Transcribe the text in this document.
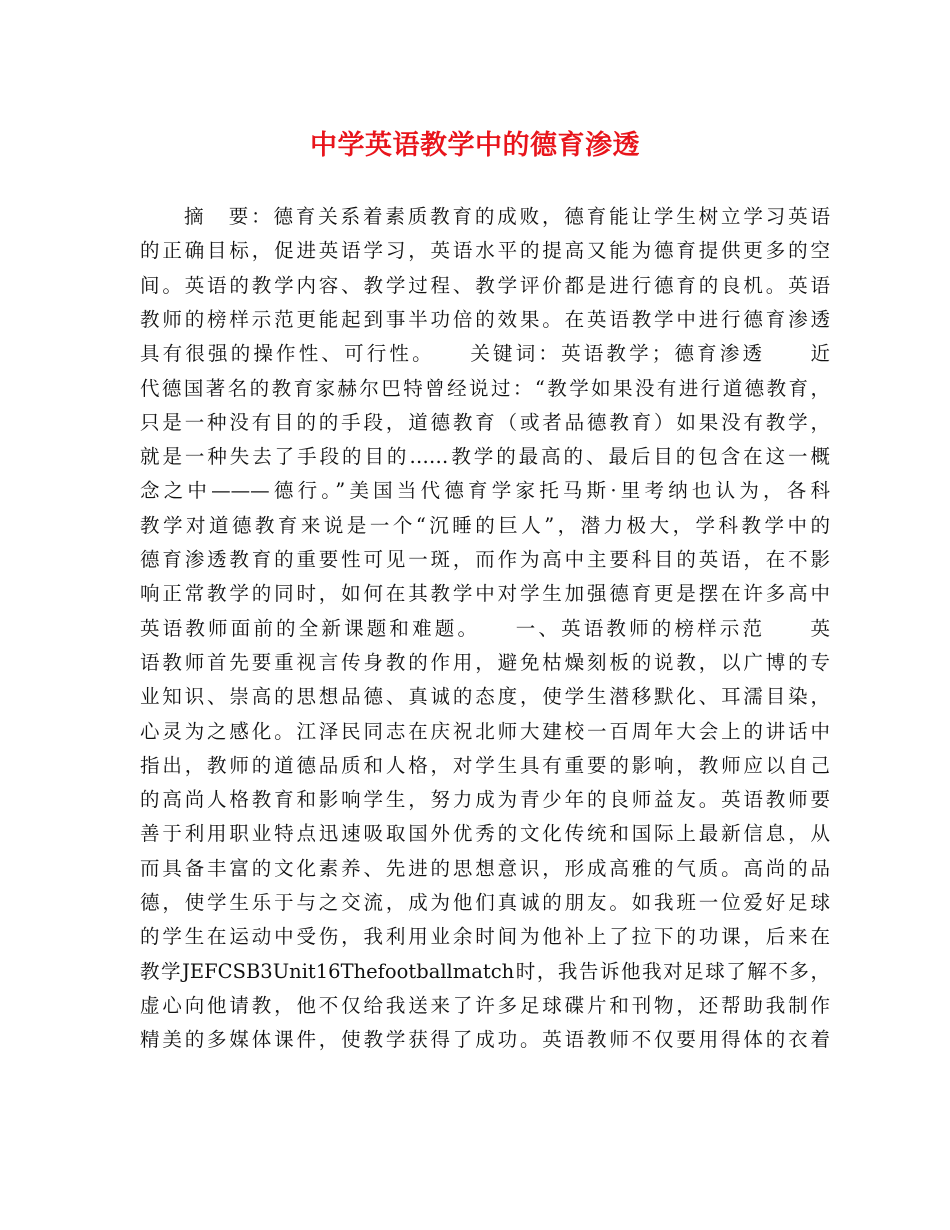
中学英语教学中的德育渗透
摘　要：德育关系着素质教育的成败，德育能让学生树立学习英语
的正确目标，促进英语学习，英语水平的提高又能为德育提供更多的空
间。英语的教学内容、教学过程、教学评价都是进行德育的良机。英语
教师的榜样示范更能起到事半功倍的效果。在英语教学中进行德育渗透
具有很强的操作性、可行性。　　关键词：英语教学；德育渗透　　近
代德国著名的教育家赫尔巴特曾经说过：“教学如果没有进行道德教育，
只是一种没有目的的手段，道德教育（或者品德教育）如果没有教学，
就是一种失去了手段的目的……教学的最高的、最后目的包含在这一概
念之中———德行。”美国当代德育学家托马斯·里考纳也认为，各科
教学对道德教育来说是一个“沉睡的巨人”，潜力极大，学科教学中的
德育渗透教育的重要性可见一斑，而作为高中主要科目的英语，在不影
响正常教学的同时，如何在其教学中对学生加强德育更是摆在许多高中
英语教师面前的全新课题和难题。　　一、英语教师的榜样示范　　英
语教师首先要重视言传身教的作用，避免枯燥刻板的说教，以广博的专
业知识、崇高的思想品德、真诚的态度，使学生潜移默化、耳濡目染，
心灵为之感化。江泽民同志在庆祝北师大建校一百周年大会上的讲话中
指出，教师的道德品质和人格，对学生具有重要的影响，教师应以自己
的高尚人格教育和影响学生，努力成为青少年的良师益友。英语教师要
善于利用职业特点迅速吸取国外优秀的文化传统和国际上最新信息，从
而具备丰富的文化素养、先进的思想意识，形成高雅的气质。高尚的品
德，使学生乐于与之交流，成为他们真诚的朋友。如我班一位爱好足球
的学生在运动中受伤，我利用业余时间为他补上了拉下的功课，后来在
教学JEFCSB3Unit16Thefootballmatch时，我告诉他我对足球了解不多，
虚心向他请教，他不仅给我送来了许多足球碟片和刊物，还帮助我制作
精美的多媒体课件，使教学获得了成功。英语教师不仅要用得体的衣着
